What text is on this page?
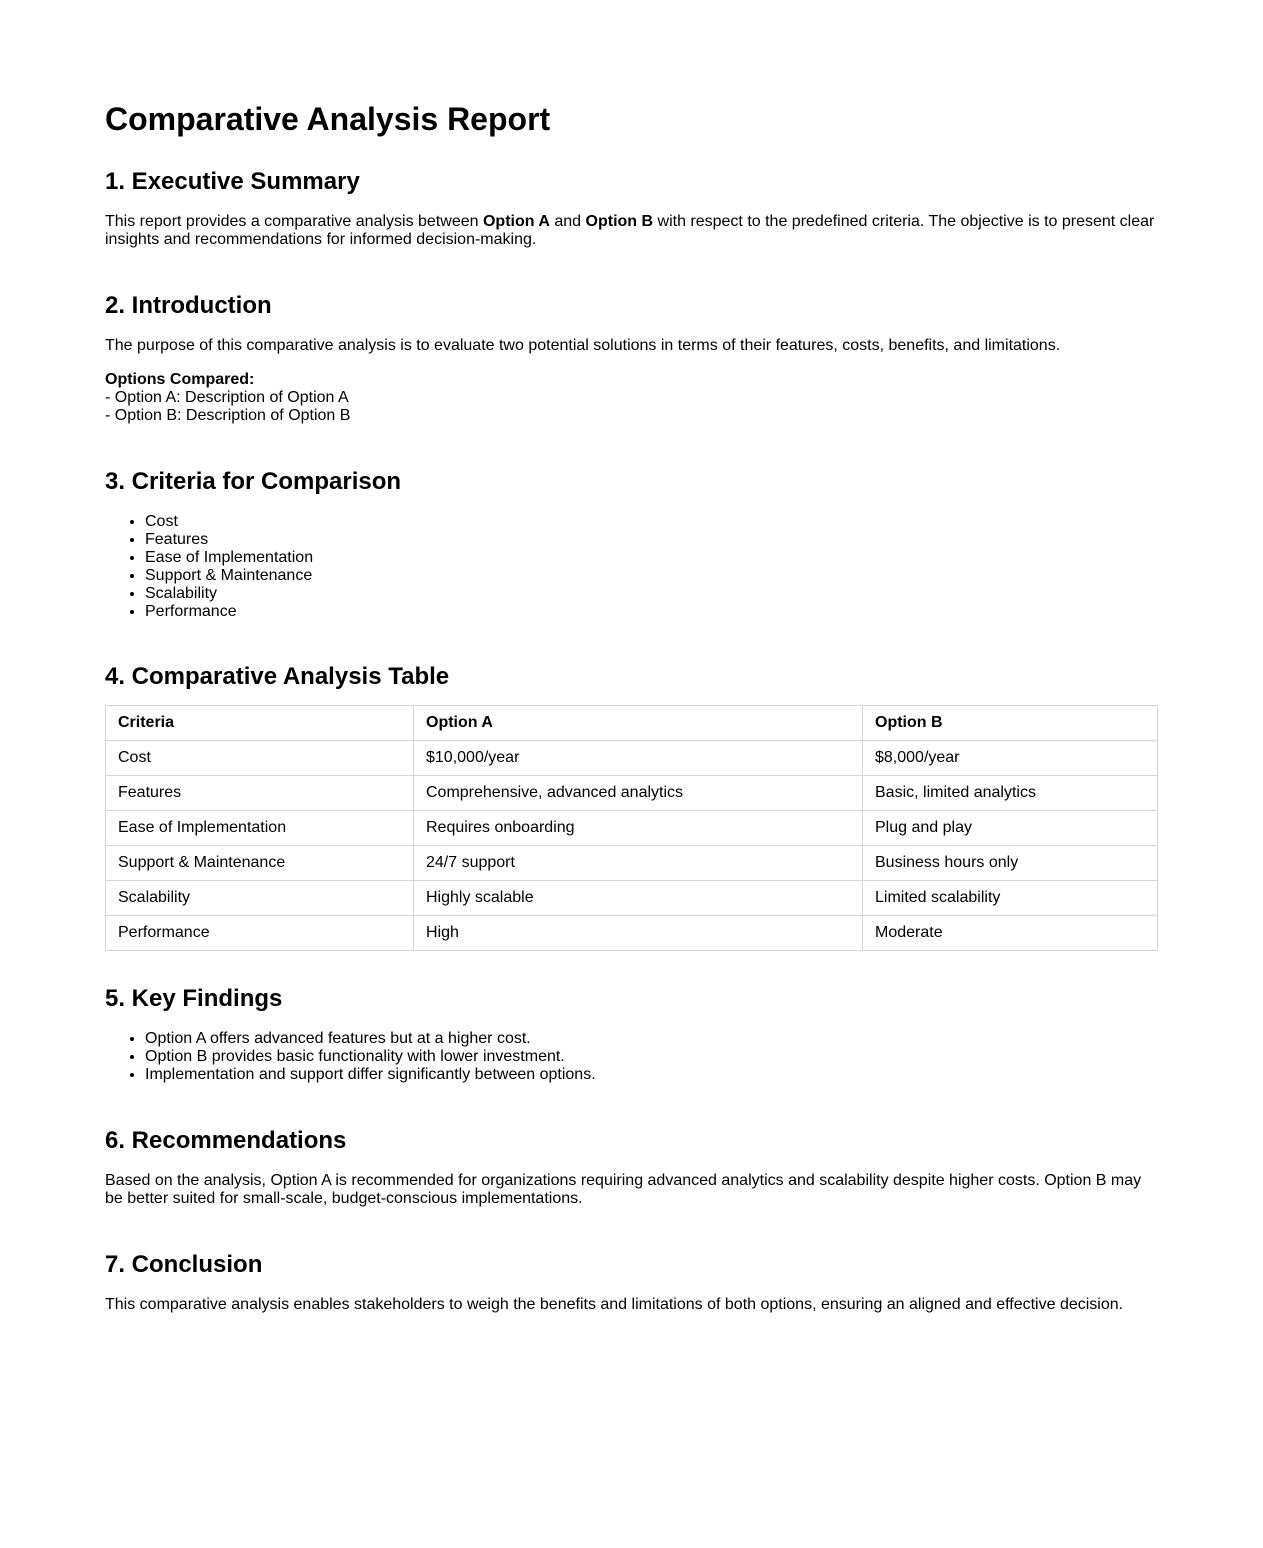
Comparative Analysis Report
1. Executive Summary

This report provides a comparative analysis between Option A and Option B with respect to the predefined criteria. The objective is to present clear insights and recommendations for informed decision-making.

2. Introduction

The purpose of this comparative analysis is to evaluate two potential solutions in terms of their features, costs, benefits, and limitations.

Options Compared:
- Option A: Description of Option A
- Option B: Description of Option B

3. Criteria for Comparison
• Cost
• Features
• Ease of Implementation
• Support & Maintenance
• Scalability
• Performance
4. Comparative Analysis Table
Criteria	Option A	Option B
Cost	$10,000/year	$8,000/year
Features	Comprehensive, advanced analytics	Basic, limited analytics
Ease of Implementation	Requires onboarding	Plug and play
Support & Maintenance	24/7 support	Business hours only
Scalability	Highly scalable	Limited scalability
Performance	High	Moderate
5. Key Findings
• Option A offers advanced features but at a higher cost.
• Option B provides basic functionality with lower investment.
• Implementation and support differ significantly between options.
6. Recommendations

Based on the analysis, Option A is recommended for organizations requiring advanced analytics and scalability despite higher costs. Option B may be better suited for small-scale, budget-conscious implementations.

7. Conclusion

This comparative analysis enables stakeholders to weigh the benefits and limitations of both options, ensuring an aligned and effective decision.
